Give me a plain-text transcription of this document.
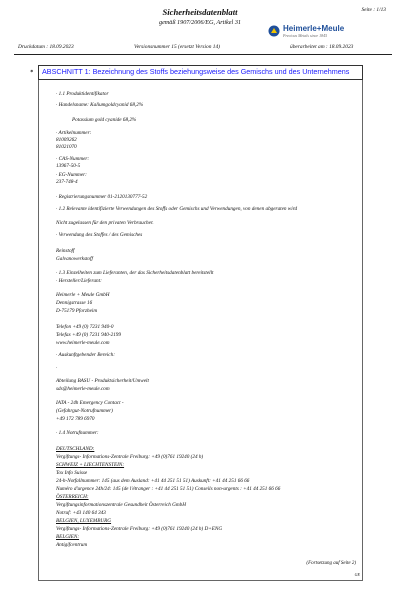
Sicherheitsdatenblatt
gemäß 1907/2006/EG, Artikel 31
Seite : 1/13
Heimerle+Meule
Precious Metals since 1845
Druckdatum : 18.09.2023	Versionsnummer 15 (ersetzt Version 14)	überarbeitet am : 18.09.2023
*	ABSCHNITT 1: Bezeichnung des Stoffs beziehungsweise des Gemischs und des Unternehmens
· 1.1 Produktidentifikator
· Handelsname: Kaliumgoldcyanid 68,2%
Potassium gold cyanide 68,2%
· Artikelnummer:
81009262
81021070
· CAS-Nummer:
13967-50-5
· EG-Nummer:
237-748-4
· Registrierungsnummer 01-2120130777-52
· 1.2 Relevante identifizierte Verwendungen des Stoffs oder Gemischs und Verwendungen, von denen abgeraten wird
Nicht zugelassen für den privaten Verbraucher.
· Verwendung des Stoffes / des Gemisches
Reinstoff
Galvanowerkstoff
· 1.3 Einzelheiten zum Lieferanten, der das Sicherheitsdatenblatt bereitstellt
· Hersteller/Lieferant:
Heimerle + Meule GmbH
Dennigstrasse 16
D-75179 Pforzheim
Telefon +49 (0) 7231 940-0
Telefax +49 (0) 7231 940-2199
www.heimerle-meule.com
· Auskunftgebender Bereich:
·
Abteilung BASU - Produktsicherheit/Umwelt
sds@heimerle-meule.com
IATA - 24h Emergency Contact -
(Gefahrgut-Notrufnummer)
+49 172 789 6970
· 1.4 Notrufnummer:
DEUTSCHLAND:
Vergiftungs- Informations-Zentrale Freiburg: +49 (0)761 19240 (24 h)
SCHWEIZ + LIECHTENSTEIN:
Tox Info Suisse
24-h-Notfallnummer: 145 (aus dem Ausland: +41 44 251 51 51) Auskunft: +41 44 251 66 66
Numéro d'urgence 24h/24: 145 (de l'étranger : +41 44 251 51 51) Conseils non-urgents : +41 44 251 66 66
ÖSTERREICH:
Vergiftungsinformationszentrale Gesundheit Österreich GmbH
Notruf: +43 140 64 343
BELGIEN, LUXEMBURG
Vergiftungs- Informations-Zentrale Freiburg: +49 (0)761 19240 (24 h) D+ENG
BELGIEN:
Antigifcentrum
(Fortsetzung auf Seite 2)
GE
